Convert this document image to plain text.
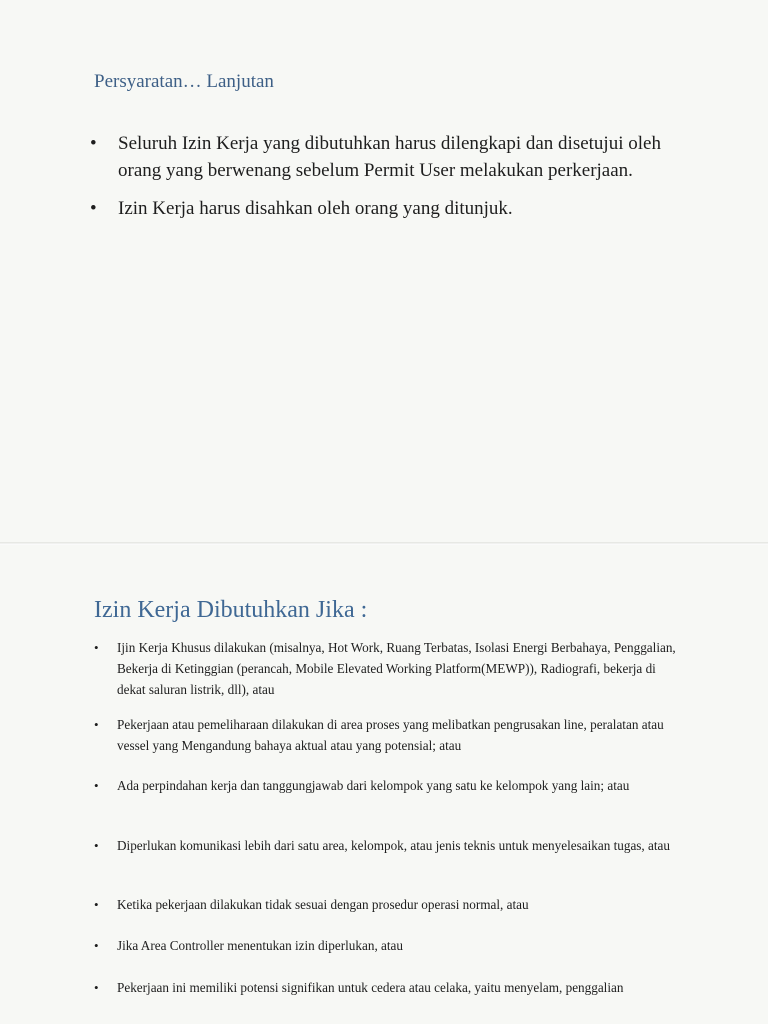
Persyaratan… Lanjutan
• Seluruh Izin Kerja yang dibutuhkan harus dilengkapi dan disetujui oleh orang yang berwenang sebelum Permit User melakukan perkerjaan.
• Izin Kerja harus disahkan oleh orang yang ditunjuk.
Izin Kerja Dibutuhkan Jika :
• Ijin Kerja Khusus dilakukan (misalnya, Hot Work, Ruang Terbatas, Isolasi Energi Berbahaya, Penggalian, Bekerja di Ketinggian (perancah, Mobile Elevated Working Platform(MEWP)), Radiografi, bekerja di dekat saluran listrik, dll), atau
• Pekerjaan atau pemeliharaan dilakukan di area proses yang melibatkan pengrusakan line, peralatan atau vessel yang Mengandung bahaya aktual atau yang potensial; atau
• Ada perpindahan kerja dan tanggungjawab dari kelompok yang satu ke kelompok yang lain; atau
• Diperlukan komunikasi lebih dari satu area, kelompok, atau jenis teknis untuk menyelesaikan tugas, atau
• Ketika pekerjaan dilakukan tidak sesuai dengan prosedur operasi normal, atau
• Jika Area Controller menentukan izin diperlukan, atau
• Pekerjaan ini memiliki potensi signifikan untuk cedera atau celaka, yaitu menyelam, penggalian
